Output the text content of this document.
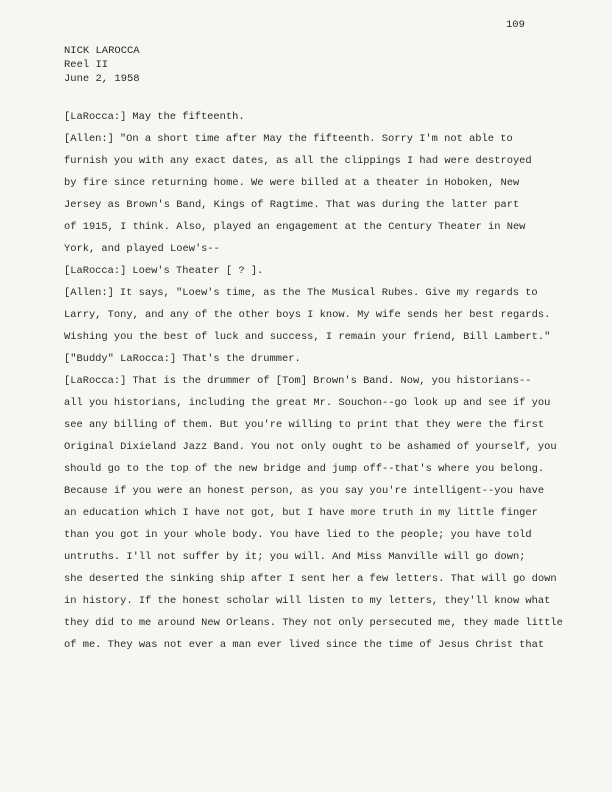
109
NICK LAROCCA
Reel II
June 2, 1958
[LaRocca:] May the fifteenth.
[Allen:] "On a short time after May the fifteenth. Sorry I'm not able to
furnish you with any exact dates, as all the clippings I had were destroyed
by fire since returning home. We were billed at a theater in Hoboken, New
Jersey as Brown's Band, Kings of Ragtime. That was during the latter part
of 1915, I think. Also, played an engagement at the Century Theater in New
York, and played Loew's--
[LaRocca:] Loew's Theater [ ? ].
[Allen:] It says, "Loew's time, as the The Musical Rubes. Give my regards to
Larry, Tony, and any of the other boys I know. My wife sends her best regards.
Wishing you the best of luck and success, I remain your friend, Bill Lambert."
["Buddy" LaRocca:] That's the drummer.
[LaRocca:] That is the drummer of [Tom] Brown's Band. Now, you historians--
all you historians, including the great Mr. Souchon--go look up and see if you
see any billing of them. But you're willing to print that they were the first
Original Dixieland Jazz Band. You not only ought to be ashamed of yourself, you
should go to the top of the new bridge and jump off--that's where you belong.
Because if you were an honest person, as you say you're intelligent--you have
an education which I have not got, but I have more truth in my little finger
than you got in your whole body. You have lied to the people; you have told
untruths. I'll not suffer by it; you will. And Miss Manville will go down;
she deserted the sinking ship after I sent her a few letters. That will go down
in history. If the honest scholar will listen to my letters, they'll know what
they did to me around New Orleans. They not only persecuted me, they made little
of me. They was not ever a man ever lived since the time of Jesus Christ that
